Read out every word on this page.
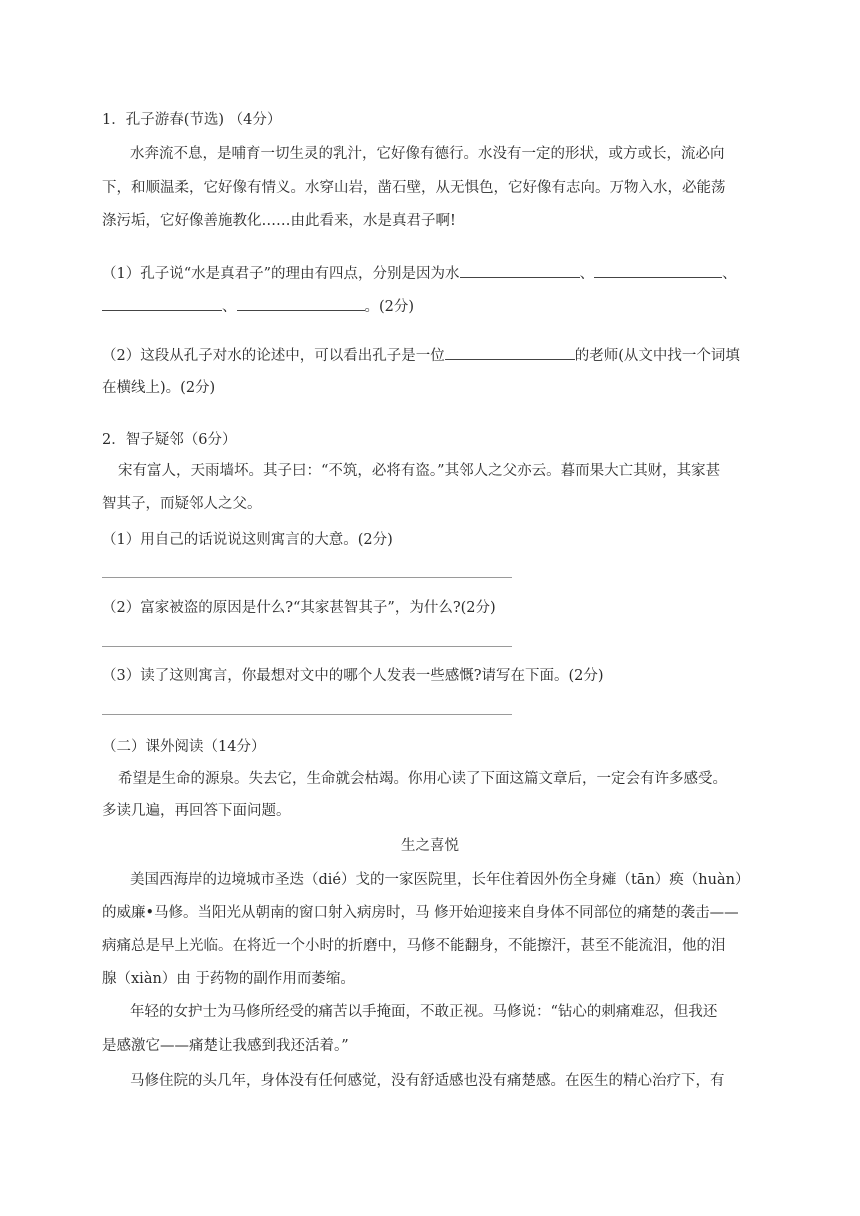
1．孔子游春(节选) （4分）
水奔流不息，是哺育一切生灵的乳汁，它好像有德行。水没有一定的形状，或方或长，流必向
下，和顺温柔，它好像有情义。水穿山岩，凿石壁，从无惧色，它好像有志向。万物入水，必能荡
涤污垢，它好像善施教化……由此看来，水是真君子啊!
（1）孔子说“水是真君子”的理由有四点，分别是因为水	、	、
、	。(2分)
（2）这段从孔子对水的论述中，可以看出孔子是一位	的老师(从文中找一个词填
在横线上)。(2分)
2．智子疑邻（6分）
宋有富人，天雨墙坏。其子曰：“不筑，必将有盗。”其邻人之父亦云。暮而果大亡其财，其家甚
智其子，而疑邻人之父。
（1）用自己的话说说这则寓言的大意。(2分)
（2）富家被盗的原因是什么?“其家甚智其子”，为什么?(2分)
（3）读了这则寓言，你最想对文中的哪个人发表一些感慨?请写在下面。(2分)
（二）课外阅读（14分）
希望是生命的源泉。失去它，生命就会枯竭。你用心读了下面这篇文章后，一定会有许多感受。
多读几遍，再回答下面问题。
生之喜悦
美国西海岸的边境城市圣迭（dié）戈的一家医院里，长年住着因外伤全身瘫（tān）痪（huàn）
的威廉•马修。当阳光从朝南的窗口射入病房时，马 修开始迎接来自身体不同部位的痛楚的袭击——
病痛总是早上光临。在将近一个小时的折磨中，马修不能翻身，不能擦汗，甚至不能流泪，他的泪
腺（xiàn）由 于药物的副作用而萎缩。
年轻的女护士为马修所经受的痛苦以手掩面，不敢正视。马修说：“钻心的刺痛难忍，但我还
是感激它——痛楚让我感到我还活着。”
马修住院的头几年，身体没有任何感觉，没有舒适感也没有痛楚感。在医生的精心治疗下，有
